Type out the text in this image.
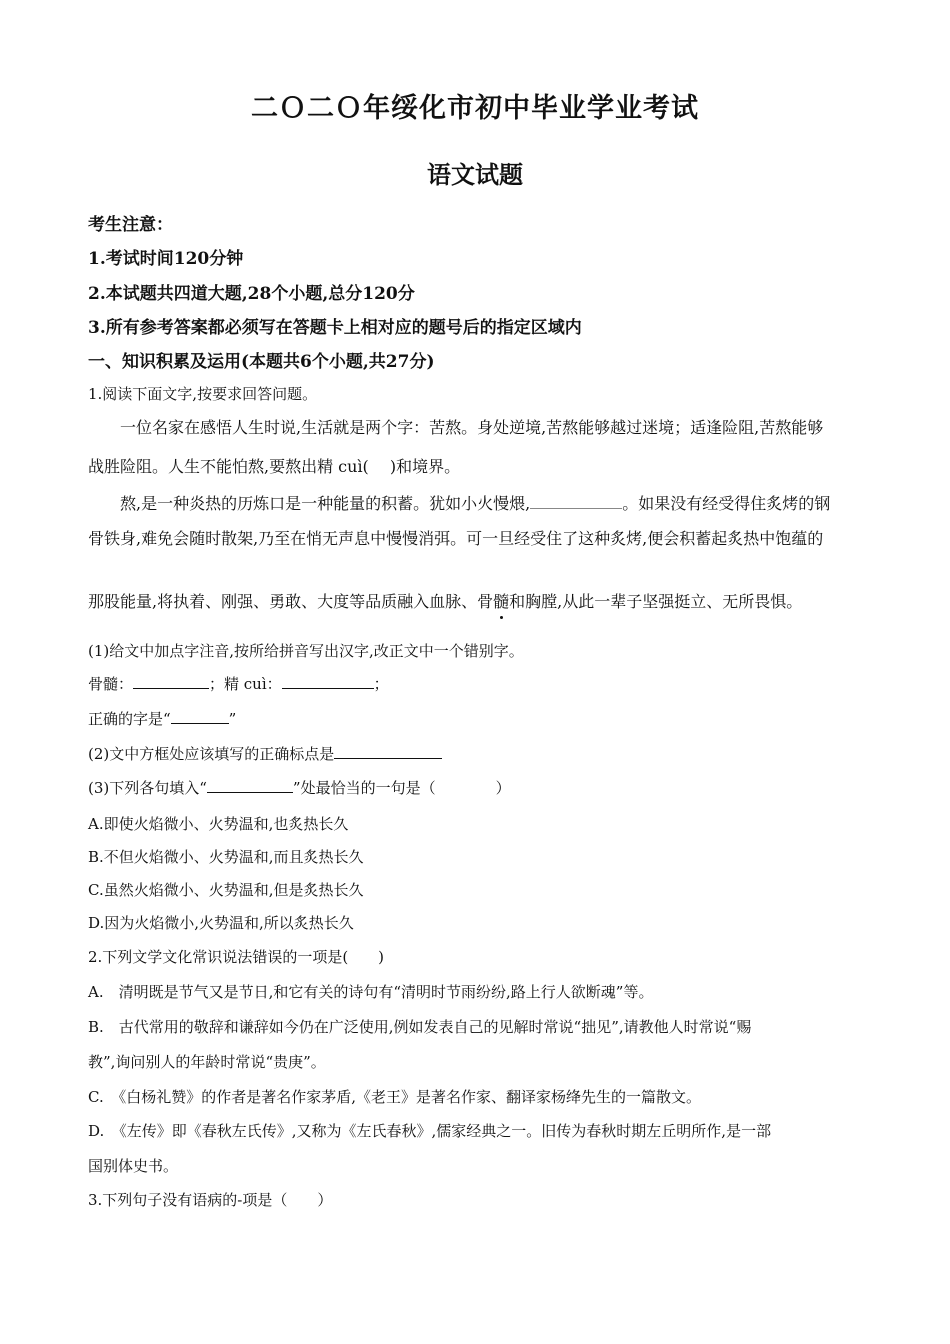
二Ｏ二Ｏ年绥化市初中毕业学业考试
语文试题
考生注意：
1.考试时间120分钟
2.本试题共四道大题,28个小题,总分120分
3.所有参考答案都必须写在答题卡上相对应的题号后的指定区域内
一、知识积累及运用(本题共6个小题,共27分)
1.阅读下面文字,按要求回答问题。
一位名家在感悟人生时说,生活就是两个字：苦熬。身处逆境,苦熬能够越过迷境；适逢险阻,苦熬能够
战胜险阻。人生不能怕熬,要熬出精 cuì(　 )和境界。
熬,是一种炎热的历炼口是一种能量的积蓄。犹如小火慢煨,	。如果没有经受得住炙烤的钢
骨铁身,难免会随时散架,乃至在悄无声息中慢慢消弭。可一旦经受住了这种炙烤,便会积蓄起炙热中饱蕴的
那股能量,将执着、刚强、勇敢、大度等品质融入血脉、骨髓和胸膛,从此一辈子坚强挺立、无所畏惧。
(1)给文中加点字注音,按所给拼音写出汉字,改正文中一个错别字。
骨髓：	；精 cuì：	；
正确的字是“	”
(2)文中方框处应该填写的正确标点是
(3)下列各句填入“	”处最恰当的一句是（　　　　）
A.即使火焰微小、火势温和,也炙热长久
B.不但火焰微小、火势温和,而且炙热长久
C.虽然火焰微小、火势温和,但是炙热长久
D.因为火焰微小,火势温和,所以炙热长久
2.下列文学文化常识说法错误的一项是(　　)
A.　清明既是节气又是节日,和它有关的诗句有“清明时节雨纷纷,路上行人欲断魂”等。
B.　古代常用的敬辞和谦辞如今仍在广泛使用,例如发表自己的见解时常说“拙见”,请教他人时常说“赐
教”,询问别人的年龄时常说“贵庚”。
C.　《白杨礼赞》的作者是著名作家茅盾,《老王》是著名作家、翻译家杨绛先生的一篇散文。
D.　《左传》即《春秋左氏传》,又称为《左氏春秋》,儒家经典之一。旧传为春秋时期左丘明所作,是一部
国别体史书。
3.下列句子没有语病的-项是（　　）
